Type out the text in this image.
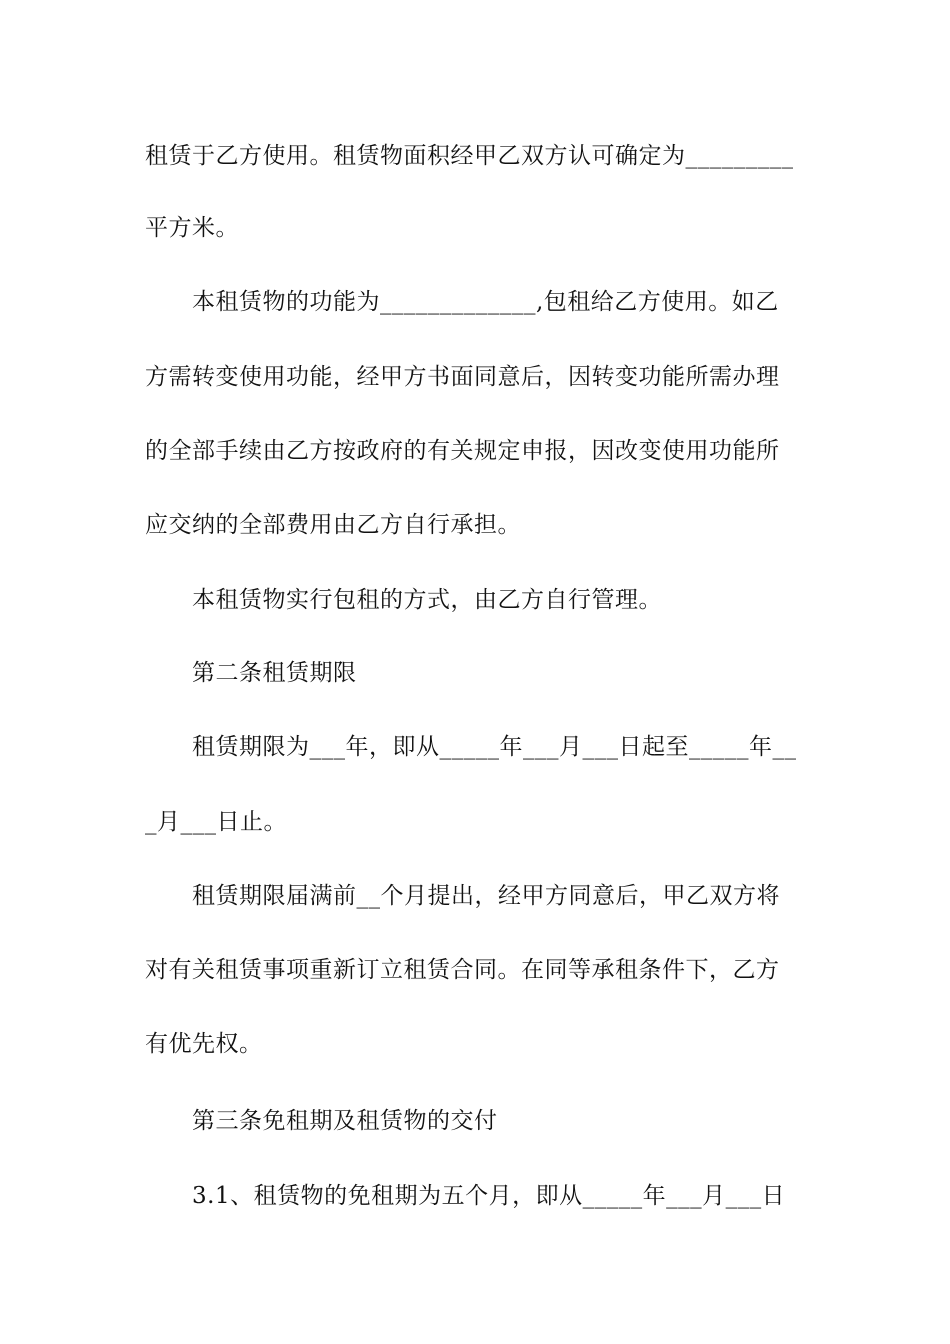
租赁于乙方使用。租赁物面积经甲乙双方认可确定为_________
平方米。
本租赁物的功能为_____________,包租给乙方使用。如乙
方需转变使用功能，经甲方书面同意后，因转变功能所需办理
的全部手续由乙方按政府的有关规定申报，因改变使用功能所
应交纳的全部费用由乙方自行承担。
本租赁物实行包租的方式，由乙方自行管理。
第二条租赁期限
租赁期限为___年，即从_____年___月___日起至_____年__
_月___日止。
租赁期限届满前__个月提出，经甲方同意后，甲乙双方将
对有关租赁事项重新订立租赁合同。在同等承租条件下，乙方
有优先权。
第三条免租期及租赁物的交付
3.1、租赁物的免租期为五个月，即从_____年___月___日
